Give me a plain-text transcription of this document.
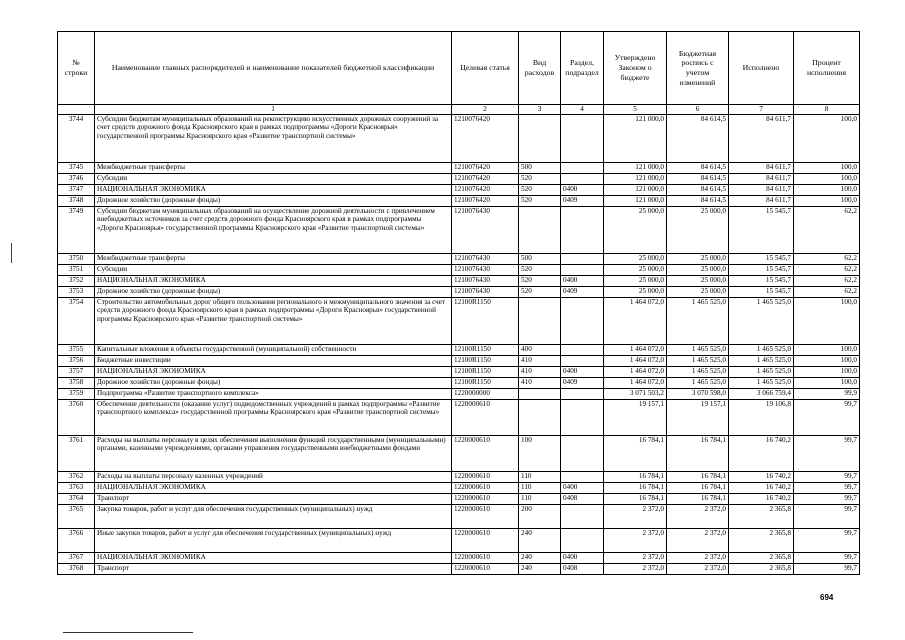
№ строки	Наименование главных распорядителей и наименование показателей бюджетной классификации	Целевая статья	Вид расходов	Раздел, подраздел	Утверждено Законом о бюджете	Бюджетная роспись с учетом изменений	Исполнено	Процент исполнения
	1	2	3	4	5	6	7	8
3744	Субсидии бюджетам муниципальных образований на реконструкцию искусственных дорожных сооружений за счет средств дорожного фонда Красноярского края в рамках подпрограммы «Дороги Красноярья» государственной программы Красноярского края «Развитие транспортной системы»	1210076420			121 000,0	84 614,5	84 611,7	100,0
3745	Межбюджетные трансферты	1210076420	500		121 000,0	84 614,5	84 611,7	100,0
3746	Субсидии	1210076420	520		121 000,0	84 614,5	84 611,7	100,0
3747	НАЦИОНАЛЬНАЯ ЭКОНОМИКА	1210076420	520	0400	121 000,0	84 614,5	84 611,7	100,0
3748	Дорожное хозяйство (дорожные фонды)	1210076420	520	0409	121 000,0	84 614,5	84 611,7	100,0
3749	Субсидии бюджетам муниципальных образований на осуществление дорожной деятельности с привлечением внебюджетных источников за счет средств дорожного фонда Красноярского края в рамках подпрограммы «Дороги Красноярья» государственной программы Красноярского края «Развитие транспортной системы»	1210076430			25 000,0	25 000,0	15 545,7	62,2
3750	Межбюджетные трансферты	1210076430	500		25 000,0	25 000,0	15 545,7	62,2
3751	Субсидии	1210076430	520		25 000,0	25 000,0	15 545,7	62,2
3752	НАЦИОНАЛЬНАЯ ЭКОНОМИКА	1210076430	520	0400	25 000,0	25 000,0	15 545,7	62,2
3753	Дорожное хозяйство (дорожные фонды)	1210076430	520	0409	25 000,0	25 000,0	15 545,7	62,2
3754	Строительство автомобильных дорог общего пользования регионального и межмуниципального значения за счет средств дорожного фонда Красноярского края в рамках подпрограммы «Дороги Красноярья» государственной программы Красноярского края «Развитие транспортной системы»	12100R1150			1 464 072,0	1 465 525,0	1 465 525,0	100,0
3755	Капитальные вложения в объекты государственной (муниципальной) собственности	12100R1150	400		1 464 072,0	1 465 525,0	1 465 525,0	100,0
3756	Бюджетные инвестиции	12100R1150	410		1 464 072,0	1 465 525,0	1 465 525,0	100,0
3757	НАЦИОНАЛЬНАЯ ЭКОНОМИКА	12100R1150	410	0400	1 464 072,0	1 465 525,0	1 465 525,0	100,0
3758	Дорожное хозяйство (дорожные фонды)	12100R1150	410	0409	1 464 072,0	1 465 525,0	1 465 525,0	100,0
3759	Подпрограмма «Развитие транспортного комплекса»	1220000000			3 071 503,2	3 070 598,0	3 066 759,4	99,9
3760	Обеспечение деятельности (оказание услуг) подведомственных учреждений в рамках подпрограммы «Развитие транспортного комплекса» государственной программы Красноярского края «Развитие транспортной системы»	1220000610			19 157,1	19 157,1	19 106,8	99,7
3761	Расходы на выплаты персоналу в целях обеспечения выполнения функций государственными (муниципальными) органами, казенными учреждениями, органами управления государственными внебюджетными фондами	1220000610	100		16 784,1	16 784,1	16 740,2	99,7
3762	Расходы на выплаты персоналу казенных учреждений	1220000610	110		16 784,1	16 784,1	16 740,2	99,7
3763	НАЦИОНАЛЬНАЯ ЭКОНОМИКА	1220000610	110	0400	16 784,1	16 784,1	16 740,2	99,7
3764	Транспорт	1220000610	110	0408	16 784,1	16 784,1	16 740,2	99,7
3765	Закупка товаров, работ и услуг для обеспечения государственных (муниципальных) нужд	1220000610	200		2 372,0	2 372,0	2 365,8	99,7
3766	Иные закупки товаров, работ и услуг для обеспечения государственных (муниципальных) нужд	1220000610	240		2 372,0	2 372,0	2 365,8	99,7
3767	НАЦИОНАЛЬНАЯ ЭКОНОМИКА	1220000610	240	0400	2 372,0	2 372,0	2 365,8	99,7
3768	Транспорт	1220000610	240	0408	2 372,0	2 372,0	2 365,8	99,7
694
